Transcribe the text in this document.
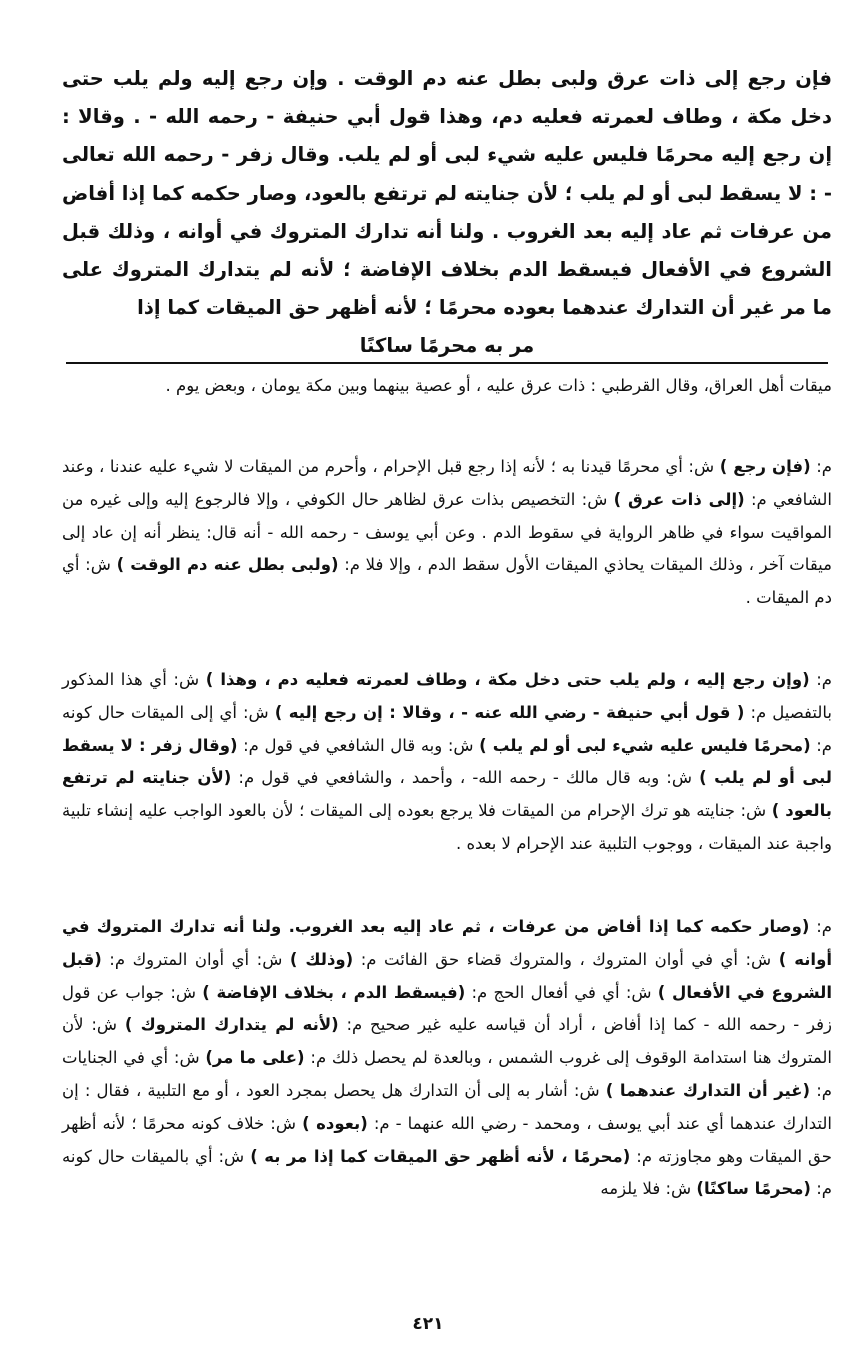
فإن رجع إلى ذات عرق ولبى بطل عنه دم الوقت . وإن رجع إليه ولم يلب حتى دخل مكة ، وطاف لعمرته فعليه دم، وهذا قول أبي حنيفة - رحمه الله - . وقالا : إن رجع إليه محرمًا فليس عليه شيء لبى أو لم يلب. وقال زفر - رحمه الله تعالى - : لا يسقط لبى أو لم يلب ؛ لأن جنايته لم ترتفع بالعود، وصار حكمه كما إذا أفاض من عرفات ثم عاد إليه بعد الغروب . ولنا أنه تدارك المتروك في أوانه ، وذلك قبل الشروع في الأفعال فيسقط الدم بخلاف الإفاضة ؛ لأنه لم يتدارك المتروك على ما مر غير أن التدارك عندهما بعوده محرمًا ؛ لأنه أظهر حق الميقات كما إذا
مر به محرمًا ساكنًا

ميقات أهل العراق، وقال القرطبي : ذات عرق عليه ، أو عصية بينهما وبين مكة يومان ، وبعض يوم .

م: (فإن رجع ) ش: أي محرمًا قيدنا به ؛ لأنه إذا رجع قبل الإحرام ، وأحرم من الميقات لا شيء عليه عندنا ، وعند الشافعي م: (إلى ذات عرق ) ش: التخصيص بذات عرق لظاهر حال الكوفي ، وإلا فالرجوع إليه وإلى غيره من المواقيت سواء في ظاهر الرواية في سقوط الدم . وعن أبي يوسف - رحمه الله - أنه قال: ينظر أنه إن عاد إلى ميقات آخر ، وذلك الميقات يحاذي الميقات الأول سقط الدم ، وإلا فلا م: (ولبى بطل عنه دم الوقت ) ش: أي دم الميقات .

م: (وإن رجع إليه ، ولم يلب حتى دخل مكة ، وطاف لعمرته فعليه دم ، وهذا ) ش: أي هذا المذكور بالتفصيل م: ( قول أبي حنيفة - رضي الله عنه - ، وقالا : إن رجع إليه ) ش: أي إلى الميقات حال كونه م: (محرمًا فليس عليه شيء لبى أو لم يلب ) ش: وبه قال الشافعي في قول م: (وقال زفر : لا يسقط لبى أو لم يلب ) ش: وبه قال مالك - رحمه الله- ، وأحمد ، والشافعي في قول م: (لأن جنايته لم ترتفع بالعود ) ش: جنايته هو ترك الإحرام من الميقات فلا يرجع بعوده إلى الميقات ؛ لأن بالعود الواجب عليه إنشاء تلبية واجبة عند الميقات ، ووجوب التلبية عند الإحرام لا بعده .

م: (وصار حكمه كما إذا أفاض من عرفات ، ثم عاد إليه بعد الغروب. ولنا أنه تدارك المتروك في أوانه ) ش: أي في أوان المتروك ، والمتروك قضاء حق الفائت م: (وذلك ) ش: أي أوان المتروك م: (قبل الشروع في الأفعال ) ش: أي في أفعال الحج م: (فيسقط الدم ، بخلاف الإفاضة ) ش: جواب عن قول زفر - رحمه الله - كما إذا أفاض ، أراد أن قياسه عليه غير صحيح م: (لأنه لم يتدارك المتروك ) ش: لأن المتروك هنا استدامة الوقوف إلى غروب الشمس ، وبالعدة لم يحصل ذلك م: (على ما مر) ش: أي في الجنايات م: (غير أن التدارك عندهما ) ش: أشار به إلى أن التدارك هل يحصل بمجرد العود ، أو مع التلبية ، فقال : إن التدارك عندهما أي عند أبي يوسف ، ومحمد - رضي الله عنهما - م: (بعوده ) ش: خلاف كونه محرمًا ؛ لأنه أظهر حق الميقات وهو مجاوزته م: (محرمًا ، لأنه أظهر حق الميقات كما إذا مر به ) ش: أي بالميقات حال كونه م: (محرمًا ساكنًا) ش: فلا يلزمه

٤٢١
